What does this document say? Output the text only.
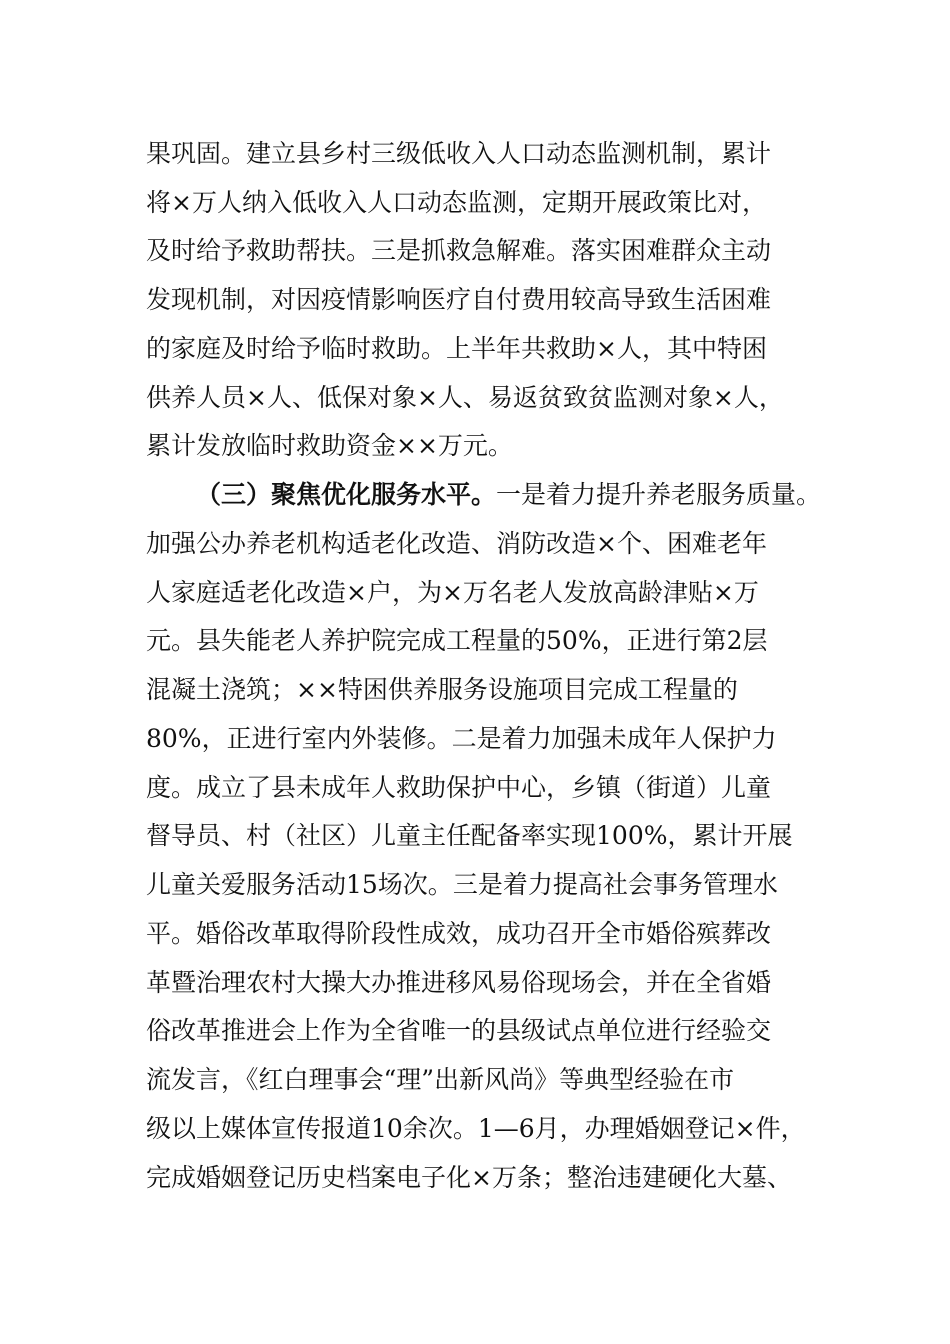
果巩固。建立县乡村三级低收入人口动态监测机制，累计
将×万人纳入低收入人口动态监测，定期开展政策比对，
及时给予救助帮扶。三是抓救急解难。落实困难群众主动
发现机制，对因疫情影响医疗自付费用较高导致生活困难
的家庭及时给予临时救助。上半年共救助×人，其中特困
供养人员×人、低保对象×人、易返贫致贫监测对象×人，
累计发放临时救助资金××万元。
（三）聚焦优化服务水平。 一是着力提升养老服务质量。
加强公办养老机构适老化改造、消防改造×个、困难老年
人家庭适老化改造×户，为×万名老人发放高龄津贴×万
元。县失能老人养护院完成工程量的50%，正进行第2层
混凝土浇筑；××特困供养服务设施项目完成工程量的
80%，正进行室内外装修。二是着力加强未成年人保护力
度。成立了县未成年人救助保护中心，乡镇（街道）儿童
督导员、村（社区）儿童主任配备率实现100%，累计开展
儿童关爱服务活动15场次。三是着力提高社会事务管理水
平。婚俗改革取得阶段性成效，成功召开全市婚俗殡葬改
革暨治理农村大操大办推进移风易俗现场会，并在全省婚
俗改革推进会上作为全省唯一的县级试点单位进行经验交
流发言，《红白理事会“理”出新风尚》等典型经验在市
级以上媒体宣传报道10余次。1—6月，办理婚姻登记×件，
完成婚姻登记历史档案电子化×万条；整治违建硬化大墓、
